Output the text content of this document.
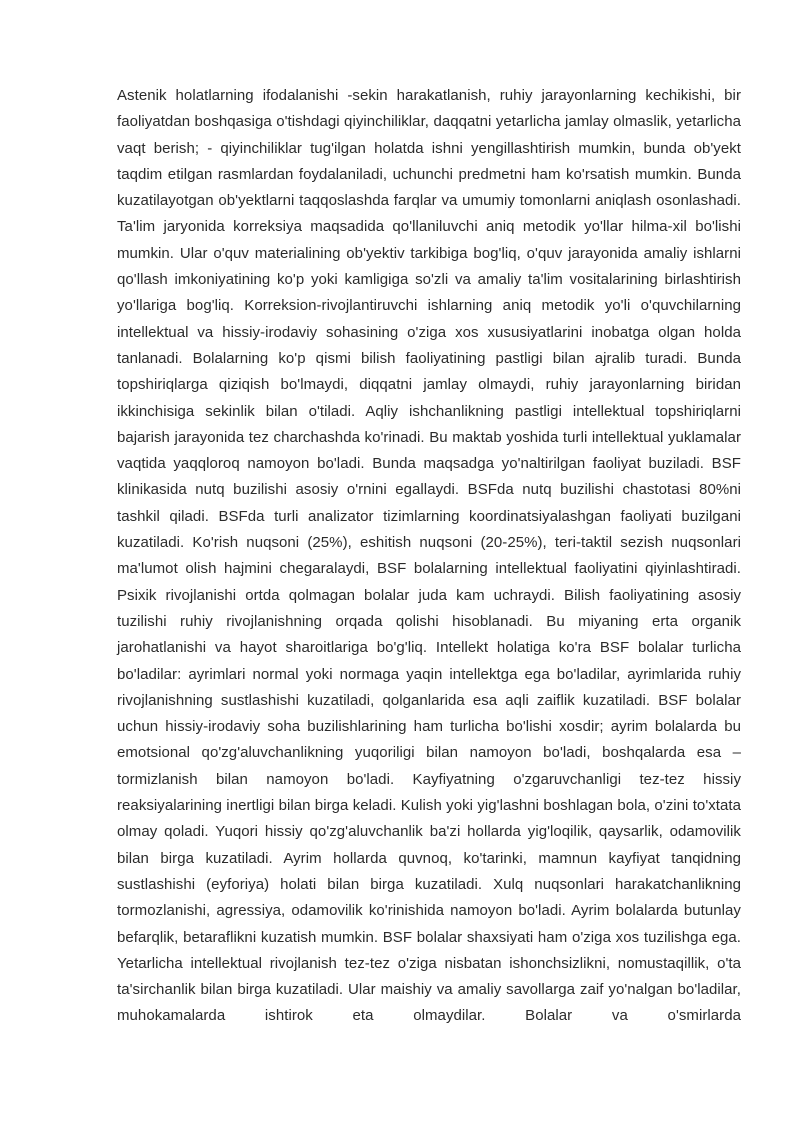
Astenik holatlarning ifodalanishi -sekin harakatlanish, ruhiy jarayonlarning kechikishi, bir faoliyatdan boshqasiga o'tishdagi qiyinchiliklar, daqqatni yetarlicha jamlay olmaslik, yetarlicha vaqt berish; - qiyinchiliklar tug'ilgan holatda ishni yengillashtirish mumkin, bunda ob'yekt taqdim etilgan rasmlardan foydalaniladi, uchunchi predmetni ham ko'rsatish mumkin. Bunda kuzatilayotgan ob'yektlarni taqqoslashda farqlar va umumiy tomonlarni aniqlash osonlashadi. Ta'lim jaryonida korreksiya maqsadida qo'llaniluvchi aniq metodik yo'llar hilma-xil bo'lishi mumkin. Ular o'quv materialining ob'yektiv tarkibiga bog'liq, o'quv jarayonida amaliy ishlarni qo'llash imkoniyatining ko'p yoki kamligiga so'zli va amaliy ta'lim vositalarining birlashtirish yo'llariga bog'liq. Korreksion-rivojlantiruvchi ishlarning aniq metodik yo'li o'quvchilarning intellektual va hissiy-irodaviy sohasining o'ziga xos xususiyatlarini inobatga olgan holda tanlanadi. Bolalarning ko'p qismi bilish faoliyatining pastligi bilan ajralib turadi. Bunda topshiriqlarga qiziqish bo'lmaydi, diqqatni jamlay olmaydi, ruhiy jarayonlarning biridan ikkinchisiga sekinlik bilan o'tiladi. Aqliy ishchanlikning pastligi intellektual topshiriqlarni bajarish jarayonida tez charchashda ko'rinadi. Bu maktab yoshida turli intellektual yuklamalar vaqtida yaqqloroq namoyon bo'ladi. Bunda maqsadga yo'naltirilgan faoliyat buziladi. BSF klinikasida nutq buzilishi asosiy o'rnini egallaydi. BSFda nutq buzilishi chastotasi 80%ni tashkil qiladi. BSFda turli analizator tizimlarning koordinatsiyalashgan faoliyati buzilgani kuzatiladi. Ko'rish nuqsoni (25%), eshitish nuqsoni (20-25%), teri-taktil sezish nuqsonlari ma'lumot olish hajmini chegaralaydi, BSF bolalarning intellektual faoliyatini qiyinlashtiradi. Psixik rivojlanishi ortda qolmagan bolalar juda kam uchraydi. Bilish faoliyatining asosiy tuzilishi ruhiy rivojlanishning orqada qolishi hisoblanadi. Bu miyaning erta organik jarohatlanishi va hayot sharoitlariga bo'g'liq. Intellekt holatiga ko'ra BSF bolalar turlicha bo'ladilar: ayrimlari normal yoki normaga yaqin intellektga ega bo'ladilar, ayrimlarida ruhiy rivojlanishning sustlashishi kuzatiladi, qolganlarida esa aqli zaiflik kuzatiladi. BSF bolalar uchun hissiy-irodaviy soha buzilishlarining ham turlicha bo'lishi xosdir; ayrim bolalarda bu emotsional qo'zg'aluvchanlikning yuqoriligi bilan namoyon bo'ladi, boshqalarda esa – tormizlanish bilan namoyon bo'ladi. Kayfiyatning o'zgaruvchanligi tez-tez hissiy reaksiyalarining inertligi bilan birga keladi. Kulish yoki yig'lashni boshlagan bola, o'zini to'xtata olmay qoladi. Yuqori hissiy qo'zg'aluvchanlik ba'zi hollarda yig'loqilik, qaysarlik, odamovilik bilan birga kuzatiladi. Ayrim hollarda quvnoq, ko'tarinki, mamnun kayfiyat tanqidning sustlashishi (eyforiya) holati bilan birga kuzatiladi. Xulq nuqsonlari harakatchanlikning tormozlanishi, agressiya, odamovilik ko'rinishida namoyon bo'ladi. Ayrim bolalarda butunlay befarqlik, betaraflikni kuzatish mumkin. BSF bolalar shaxsiyati ham o'ziga xos tuzilishga ega. Yetarlicha intellektual rivojlanish tez-tez o'ziga nisbatan ishonchsizlikni, nomustaqillik, o'ta ta'sirchanlik bilan birga kuzatiladi. Ular maishiy va amaliy savollarga zaif yo'nalgan bo'ladilar, muhokamalarda ishtirok eta olmaydilar. Bolalar va o'smirlarda
